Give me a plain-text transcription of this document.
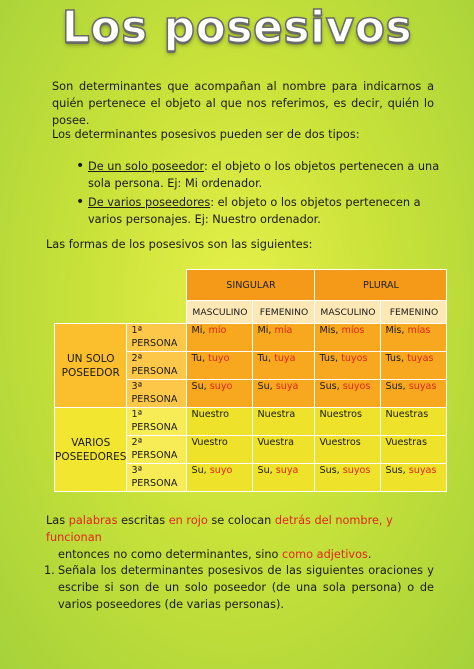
Los posesivos
Son determinantes que acompañan al nombre para indicarnos a quién pertenece el objeto al que nos referimos, es decir, quién lo posee.
Los determinantes posesivos pueden ser de dos tipos:
• De un solo poseedor: el objeto o los objetos pertenecen a una sola persona. Ej: Mi ordenador.
• De varios poseedores: el objeto o los objetos pertenecen a varios personajes. Ej: Nuestro ordenador.
Las formas de los posesivos son las siguientes:
		SINGULAR		PLURAL	
		MASCULINO	FEMENINO	MASCULINO	FEMENINO
UN SOLO POSEEDOR	1ª PERSONA	Mi, mío	Mi, mía	Mis, míos	Mis, mías
	2ª PERSONA	Tu, tuyo	Tu, tuya	Tus, tuyos	Tus, tuyas
	3ª PERSONA	Su, suyo	Su, suya	Sus, suyos	Sus, suyas
VARIOS POSEEDORES	1ª PERSONA	Nuestro	Nuestra	Nuestros	Nuestras
	2ª PERSONA	Vuestro	Vuestra	Vuestros	Vuestras
	3ª PERSONA	Su, suyo	Su, suya	Sus, suyos	Sus, suyas
Las palabras escritas en rojo se colocan detrás del nombre, y funcionan
entonces no como determinantes, sino como adjetivos.
1. Señala los determinantes posesivos de las siguientes oraciones y escribe si son de un solo poseedor (de una sola persona) o de varios poseedores (de varias personas).
